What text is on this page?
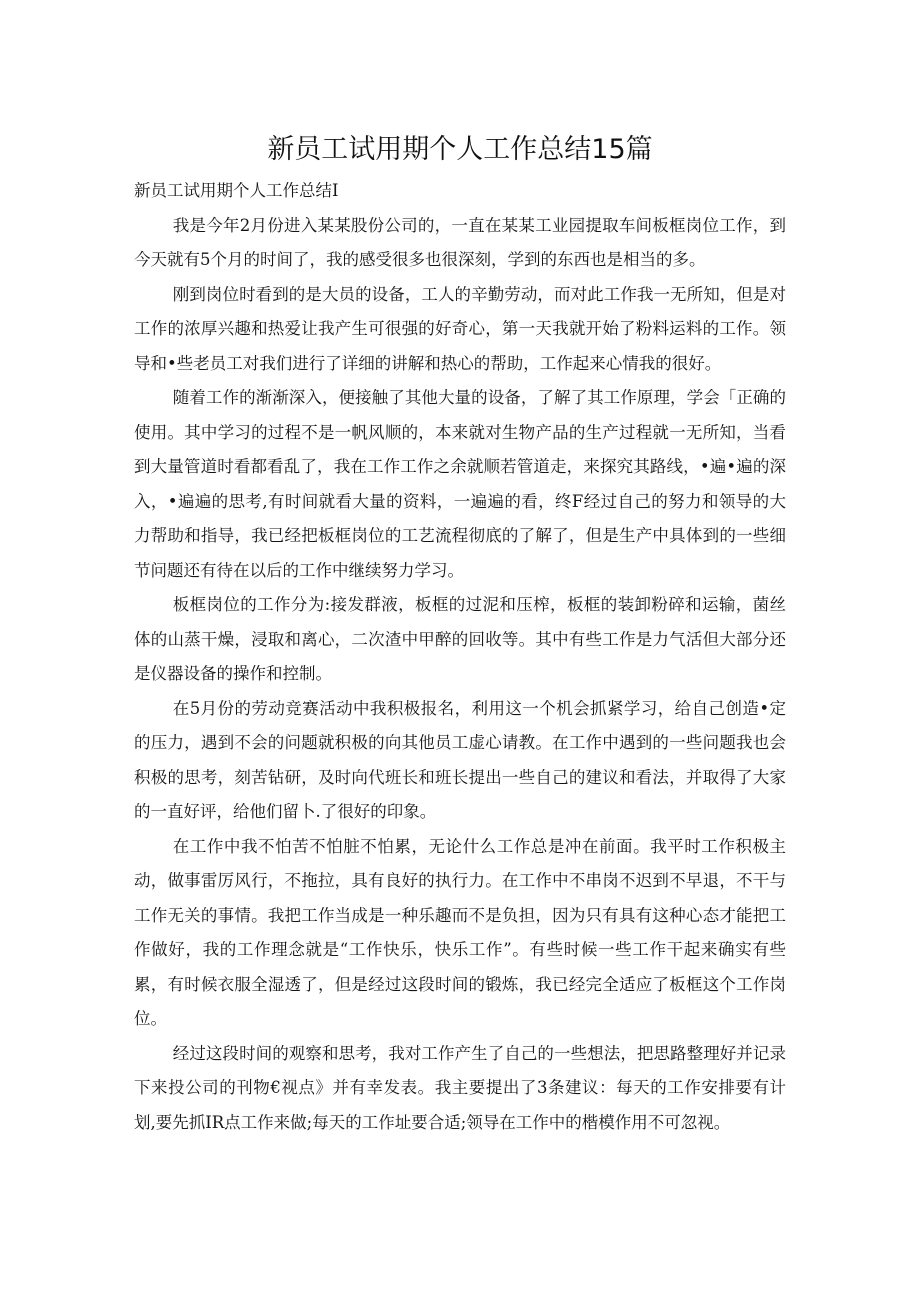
新员工试用期个人工作总结15篇

新员工试用期个人工作总结I

我是今年2月份进入某某股份公司的，一直在某某工业园提取车间板框岗位工作，到今天就有5个月的时间了，我的感受很多也很深刻，学到的东西也是相当的多。

刚到岗位时看到的是大员的设备，工人的辛勤劳动，而对此工作我一无所知，但是对工作的浓厚兴趣和热爱让我产生可很强的好奇心，第一天我就开始了粉料运料的工作。领导和•些老员工对我们进行了详细的讲解和热心的帮助，工作起来心情我的很好。

随着工作的渐渐深入，便接触了其他大量的设备，了解了其工作原理，学会「正确的使用。其中学习的过程不是一帆风顺的，本来就对生物产品的生产过程就一无所知，当看到大量管道时看都看乱了，我在工作工作之余就顺若管道走，来探究其路线，•遍•遍的深入，•遍遍的思考,有时间就看大量的资料，一遍遍的看，终F经过自己的努力和领导的大力帮助和指导，我已经把板框岗位的工艺流程彻底的了解了，但是生产中具体到的一些细节问题还有待在以后的工作中继续努力学习。

板框岗位的工作分为:接发群液，板框的过泥和压榨，板框的装卸粉碎和运输，菌丝体的山蒸干燥，浸取和离心，二次渣中甲醉的回收等。其中有些工作是力气活但大部分还是仪器设备的操作和控制。

在5月份的劳动竞赛活动中我积极报名，利用这一个机会抓紧学习，给自己创造•定的压力，遇到不会的问题就积极的向其他员工虚心请教。在工作中遇到的一些问题我也会积极的思考，刻苦钻研，及时向代班长和班长提出一些自己的建议和看法，并取得了大家的一直好评，给他们留卜.了很好的印象。

在工作中我不怕苦不怕脏不怕累，无论什么工作总是冲在前面。我平时工作积极主动，做事雷厉风行，不拖拉，具有良好的执行力。在工作中不串岗不迟到不早退，不干与工作无关的事情。我把工作当成是一种乐趣而不是负担，因为只有具有这种心态才能把工作做好，我的工作理念就是“工作快乐，快乐工作”。有些时候一些工作干起来确实有些累，有时候衣服全湿透了，但是经过这段时间的锻炼，我已经完全适应了板框这个工作岗位。

经过这段时间的观察和思考，我对工作产生了自己的一些想法，把思路整理好并记录下来投公司的刊物€视点》并有幸发表。我主要提出了3条建议：每天的工作安排要有计划,要先抓IR点工作来做;每天的工作址要合适;领导在工作中的楷模作用不可忽视。
